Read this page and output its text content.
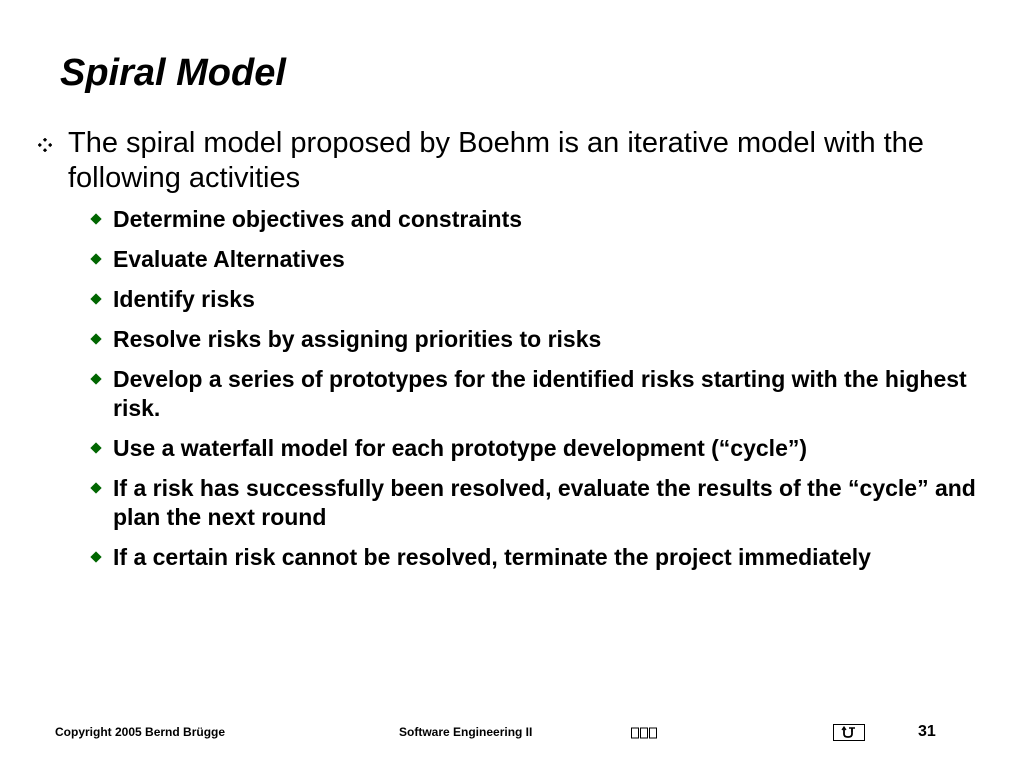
Spiral Model
The spiral model proposed by Boehm is an iterative model with the following activities
Determine objectives and constraints
Evaluate Alternatives
Identify risks
Resolve risks by assigning priorities to risks
Develop a series of prototypes for the identified risks starting with the highest risk.
Use a waterfall model for each prototype development (“cycle”)
If a risk has successfully been resolved, evaluate the results of the “cycle” and plan the next round
If a certain risk cannot be resolved, terminate the project immediately
Copyright 2005 Bernd Brügge	Software Engineering II	31
